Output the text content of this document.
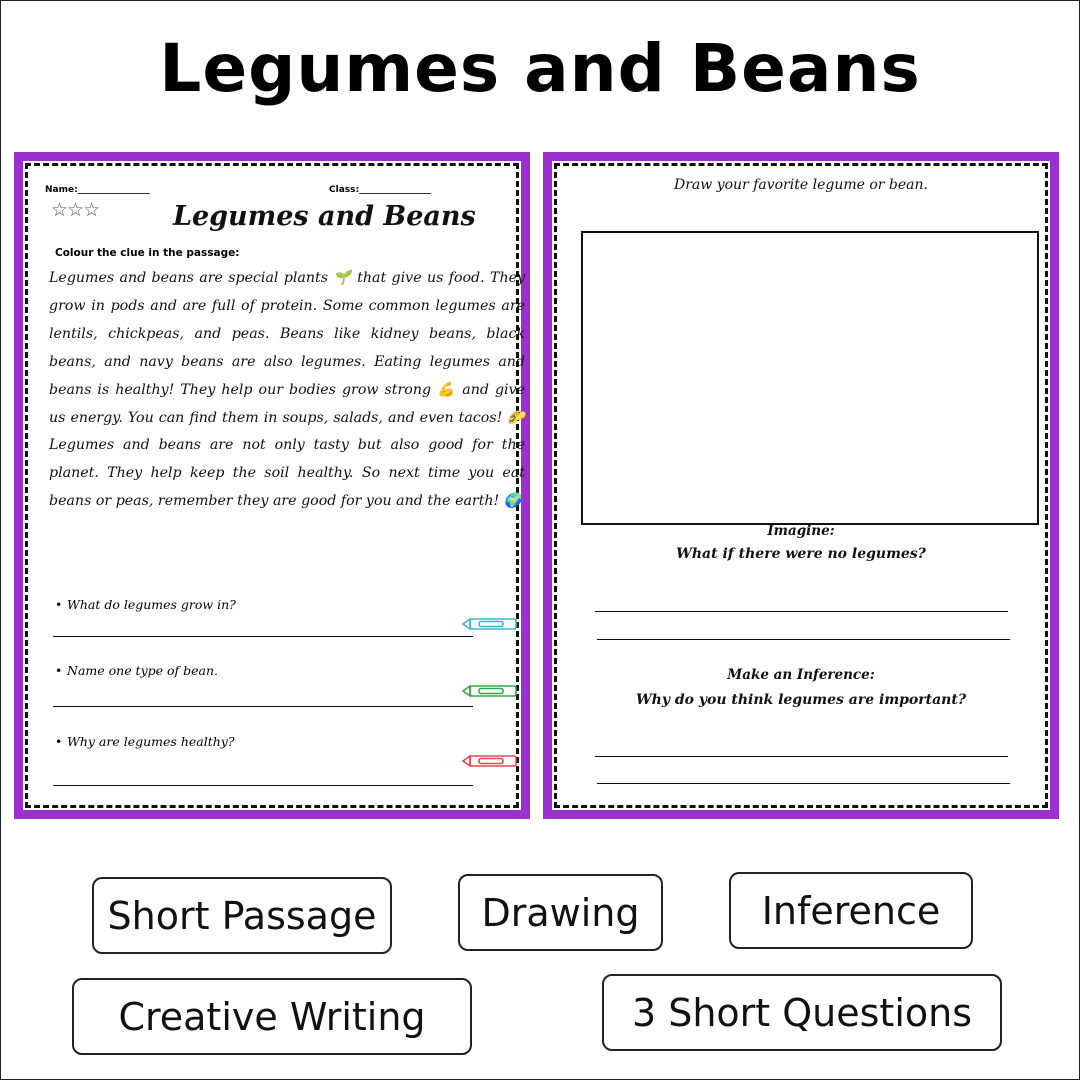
Legumes and Beans
Name:________________	Class:________________
☆☆☆	Legumes and Beans
Colour the clue in the passage:
Legumes and beans are special plants 🌱 that give us food. They grow in pods and are full of protein. Some common legumes are lentils, chickpeas, and peas. Beans like kidney beans, black beans, and navy beans are also legumes. Eating legumes and beans is healthy! They help our bodies grow strong 💪 and give us energy. You can find them in soups, salads, and even tacos! 🌮 Legumes and beans are not only tasty but also good for the planet. They help keep the soil healthy. So next time you eat beans or peas, remember they are good for you and the earth! 🌍
• What do legumes grow in?
• Name one type of bean.
• Why are legumes healthy?
Draw your favorite legume or bean.
Imagine:
What if there were no legumes?
Make an Inference:
Why do you think legumes are important?
Short Passage	Drawing	Inference
Creative Writing	3 Short Questions
